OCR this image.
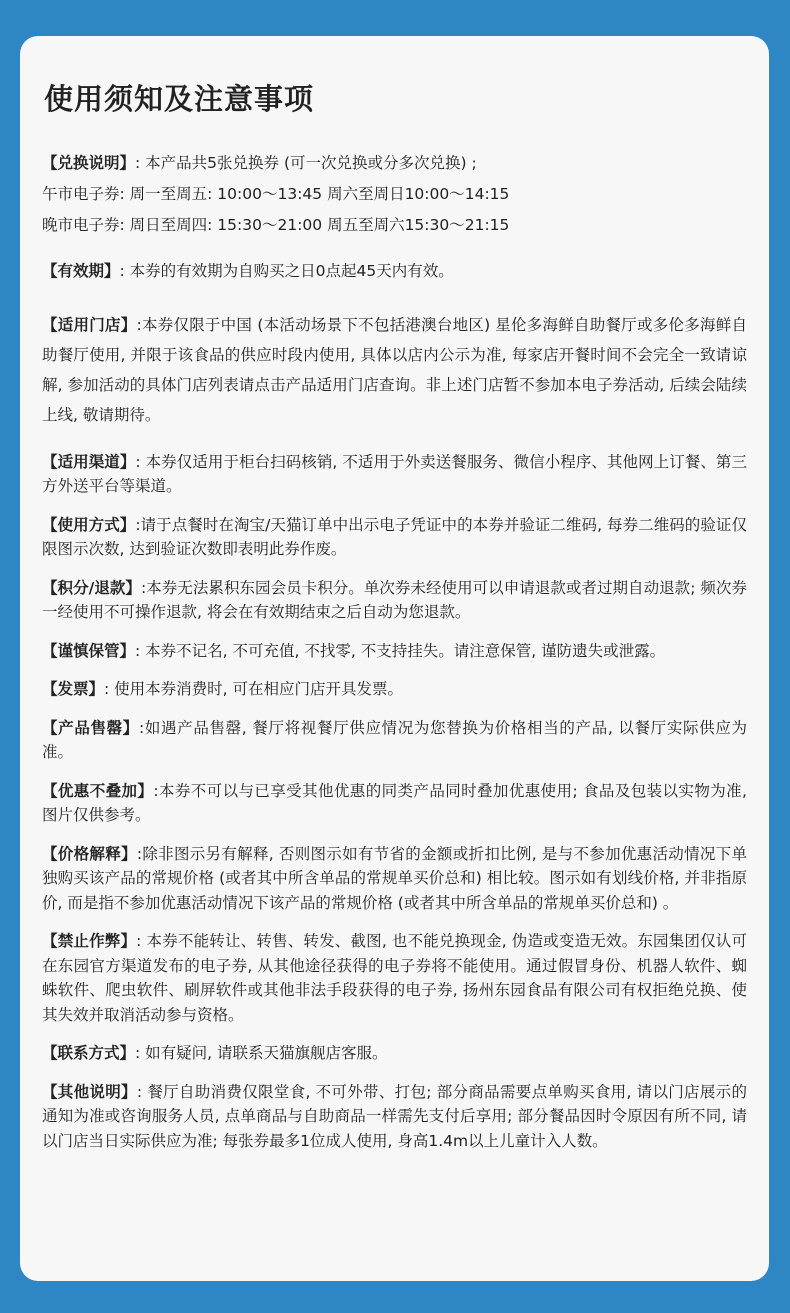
使用须知及注意事项
【兑换说明】: 本产品共5张兑换券 (可一次兑换或分多次兑换) ;
午市电子券: 周一至周五: 10:00～13:45 周六至周日10:00～14:15
晚市电子券: 周日至周四: 15:30～21:00 周五至周六15:30～21:15
【有效期】: 本券的有效期为自购买之日0点起45天内有效。
【适用门店】:本券仅限于中国 (本活动场景下不包括港澳台地区) 星伦多海鲜自助餐厅或多伦多海鲜自助餐厅使用, 并限于该食品的供应时段内使用, 具体以店内公示为准, 每家店开餐时间不会完全一致请谅解, 参加活动的具体门店列表请点击产品适用门店查询。非上述门店暂不参加本电子券活动, 后续会陆续上线, 敬请期待。
【适用渠道】: 本券仅适用于柜台扫码核销, 不适用于外卖送餐服务、微信小程序、其他网上订餐、第三方外送平台等渠道。
【使用方式】:请于点餐时在淘宝/天猫订单中出示电子凭证中的本券并验证二维码, 每券二维码的验证仅限图示次数, 达到验证次数即表明此券作废。
【积分/退款】:本券无法累积东园会员卡积分。单次券未经使用可以申请退款或者过期自动退款; 频次券一经使用不可操作退款, 将会在有效期结束之后自动为您退款。
【谨慎保管】: 本券不记名, 不可充值, 不找零, 不支持挂失。请注意保管, 谨防遗失或泄露。
【发票】: 使用本券消费时, 可在相应门店开具发票。
【产品售罄】:如遇产品售罄, 餐厅将视餐厅供应情况为您替换为价格相当的产品, 以餐厅实际供应为准。
【优惠不叠加】:本券不可以与已享受其他优惠的同类产品同时叠加优惠使用; 食品及包装以实物为准, 图片仅供参考。
【价格解释】:除非图示另有解释, 否则图示如有节省的金额或折扣比例, 是与不参加优惠活动情况下单独购买该产品的常规价格 (或者其中所含单品的常规单买价总和) 相比较。图示如有划线价格, 并非指原价, 而是指不参加优惠活动情况下该产品的常规价格 (或者其中所含单品的常规单买价总和) 。
【禁止作弊】: 本券不能转让、转售、转发、截图, 也不能兑换现金, 伪造或变造无效。东园集团仅认可在东园官方渠道发布的电子券, 从其他途径获得的电子券将不能使用。通过假冒身份、机器人软件、蜘蛛软件、爬虫软件、刷屏软件或其他非法手段获得的电子券, 扬州东园食品有限公司有权拒绝兑换、使其失效并取消活动参与资格。
【联系方式】: 如有疑问, 请联系天猫旗舰店客服。
【其他说明】: 餐厅自助消费仅限堂食, 不可外带、打包; 部分商品需要点单购买食用, 请以门店展示的通知为准或咨询服务人员, 点单商品与自助商品一样需先支付后享用; 部分餐品因时令原因有所不同, 请以门店当日实际供应为准; 每张券最多1位成人使用, 身高1.4m以上儿童计入人数。
